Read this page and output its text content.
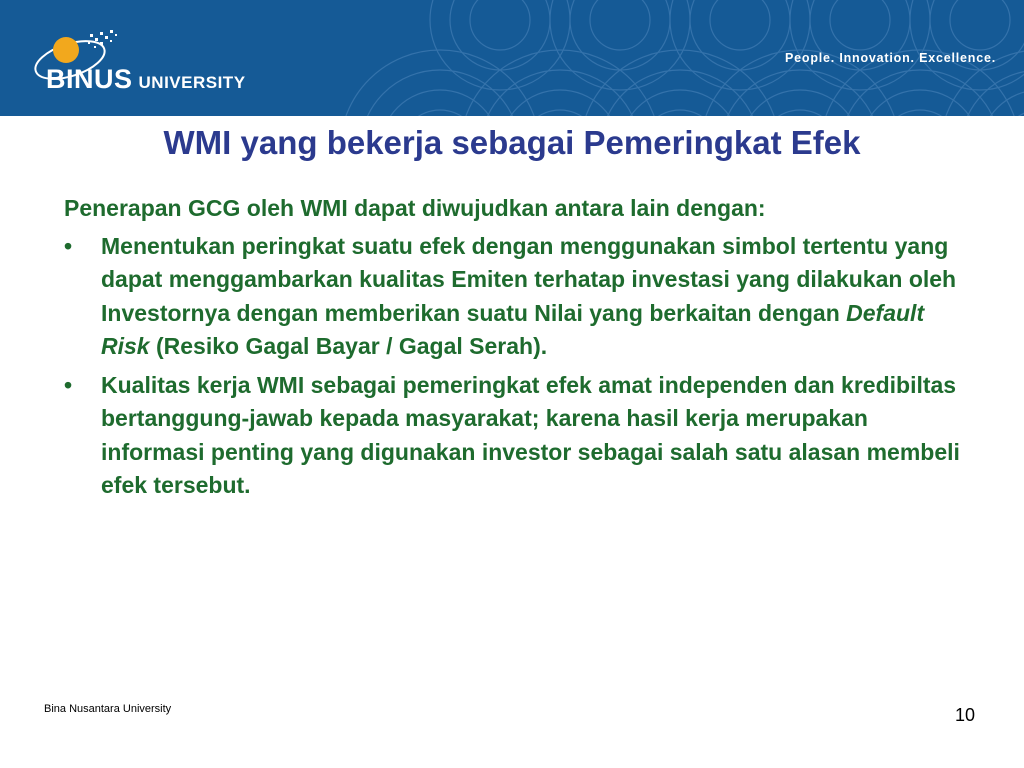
BINUS UNIVERSITY
People. Innovation. Excellence.
WMI yang bekerja sebagai Pemeringkat Efek

Penerapan GCG oleh WMI dapat diwujudkan antara lain dengan:

• Menentukan peringkat suatu efek dengan menggunakan simbol tertentu yang dapat menggambarkan kualitas Emiten terhatap investasi yang dilakukan oleh Investornya dengan memberikan suatu Nilai yang berkaitan dengan Default Risk (Resiko Gagal Bayar / Gagal Serah).
• Kualitas kerja WMI sebagai pemeringkat efek amat independen dan kredibiltas bertanggung-jawab kepada masyarakat; karena hasil kerja merupakan informasi penting yang digunakan investor sebagai salah satu alasan membeli efek tersebut.
Bina Nusantara University	10
